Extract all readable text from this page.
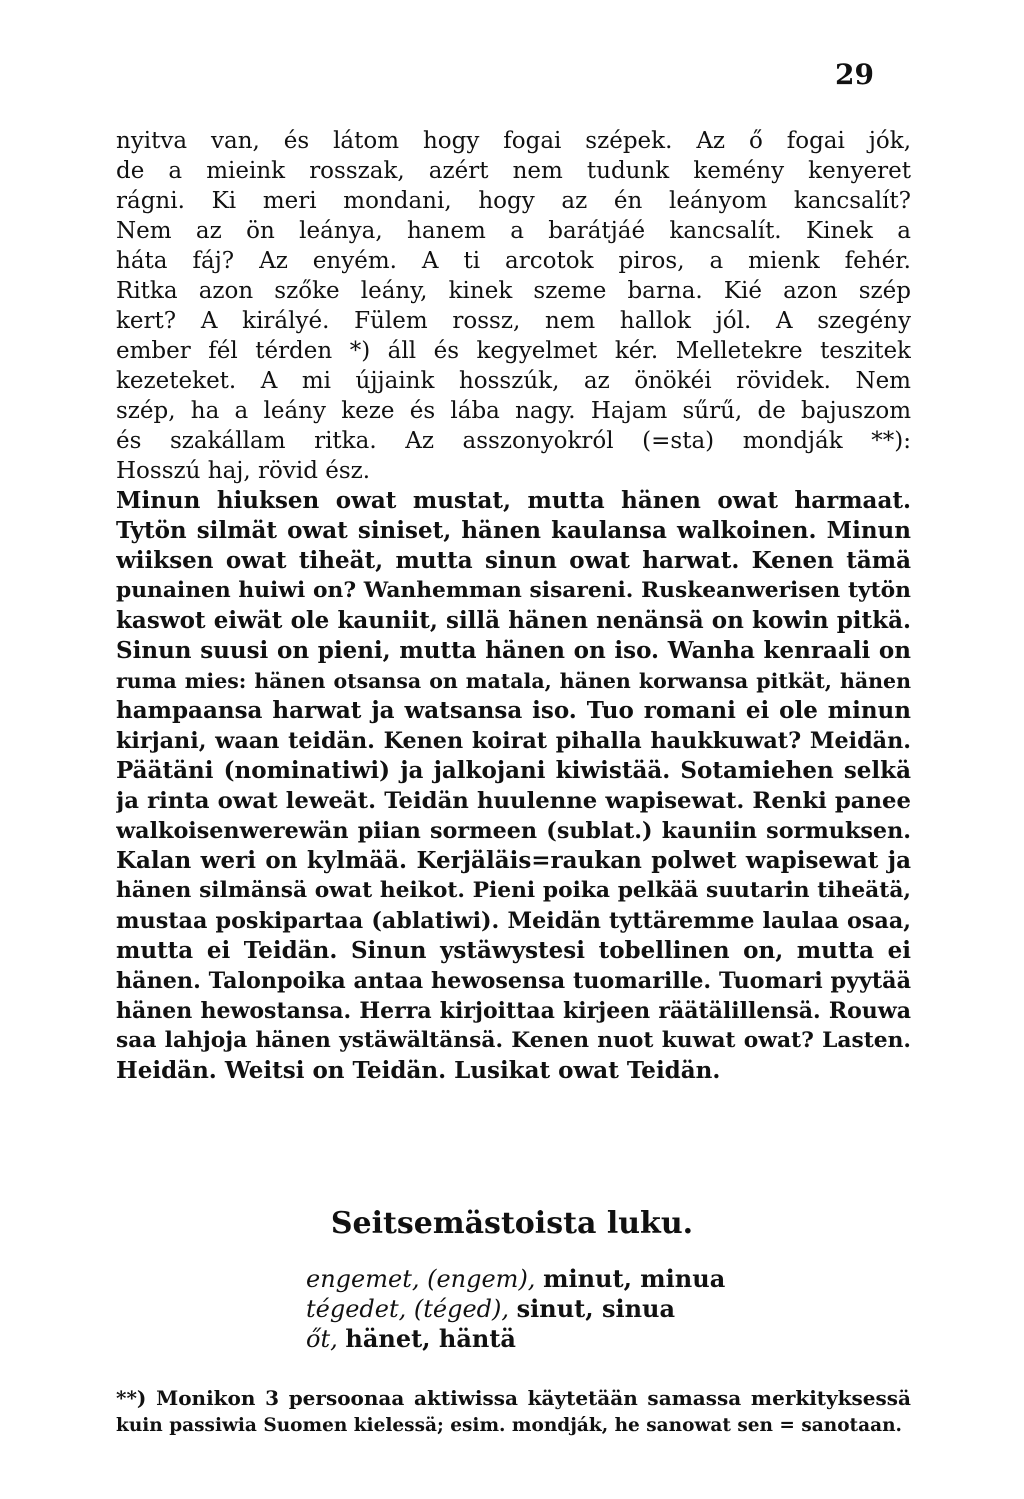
29
nyitva van, és látom hogy fogai szépek. Az ő fogai jók,
de a mieink rosszak, azért nem tudunk kemény kenyeret
rágni. Ki meri mondani, hogy az én leányom kancsalít?
Nem az ön leánya, hanem a barátjáé kancsalít. Kinek a
háta fáj? Az enyém. A ti arcotok piros, a mienk fehér.
Ritka azon szőke leány, kinek szeme barna. Kié azon szép
kert? A királyé. Fülem rossz, nem hallok jól. A szegény
ember fél térden *) áll és kegyelmet kér. Melletekre teszitek
kezeteket. A mi újjaink hosszúk, az önökéi rövidek. Nem
szép, ha a leány keze és lába nagy. Hajam sűrű, de bajuszom
és szakállam ritka. Az asszonyokról (=sta) mondják **):
Hosszú haj, rövid ész.
Minun hiuksen owat mustat, mutta hänen owat harmaat.
Tytön silmät owat siniset, hänen kaulansa walkoinen. Minun
wiiksen owat tiheät, mutta sinun owat harwat. Kenen tämä
punainen huiwi on? Wanhemman sisareni. Ruskeanwerisen tytön
kaswot eiwät ole kauniit, sillä hänen nenänsä on kowin pitkä.
Sinun suusi on pieni, mutta hänen on iso. Wanha kenraali on
ruma mies: hänen otsansa on matala, hänen korwansa pitkät, hänen
hampaansa harwat ja watsansa iso. Tuo romani ei ole minun
kirjani, waan teidän. Kenen koirat pihalla haukkuwat? Meidän.
Päätäni (nominatiwi) ja jalkojani kiwistää. Sotamiehen selkä
ja rinta owat leweät. Teidän huulenne wapisewat. Renki panee
walkoisenwerewän piian sormeen (sublat.) kauniin sormuksen.
Kalan weri on kylmää. Kerjäläis=raukan polwet wapisewat ja
hänen silmänsä owat heikot. Pieni poika pelkää suutarin tiheätä,
mustaa poskipartaa (ablatiwi). Meidän tyttäremme laulaa osaa,
mutta ei Teidän. Sinun ystäwystesi tobellinen on, mutta ei
hänen. Talonpoika antaa hewosensa tuomarille. Tuomari pyytää
hänen hewostansa. Herra kirjoittaa kirjeen räätälillensä. Rouwa
saa lahjoja hänen ystäwältänsä. Kenen nuot kuwat owat? Lasten.
Heidän. Weitsi on Teidän. Lusikat owat Teidän.
Seitsemästoista luku.
engemet, (engem), minut, minua
tégedet, (téged), sinut, sinua
őt, hänet, häntä
**) Monikon 3 persoonaa aktiwissa käytetään samassa merkityksessä
kuin passiwia Suomen kielessä; esim. mondják, he sanowat sen = sanotaan.
